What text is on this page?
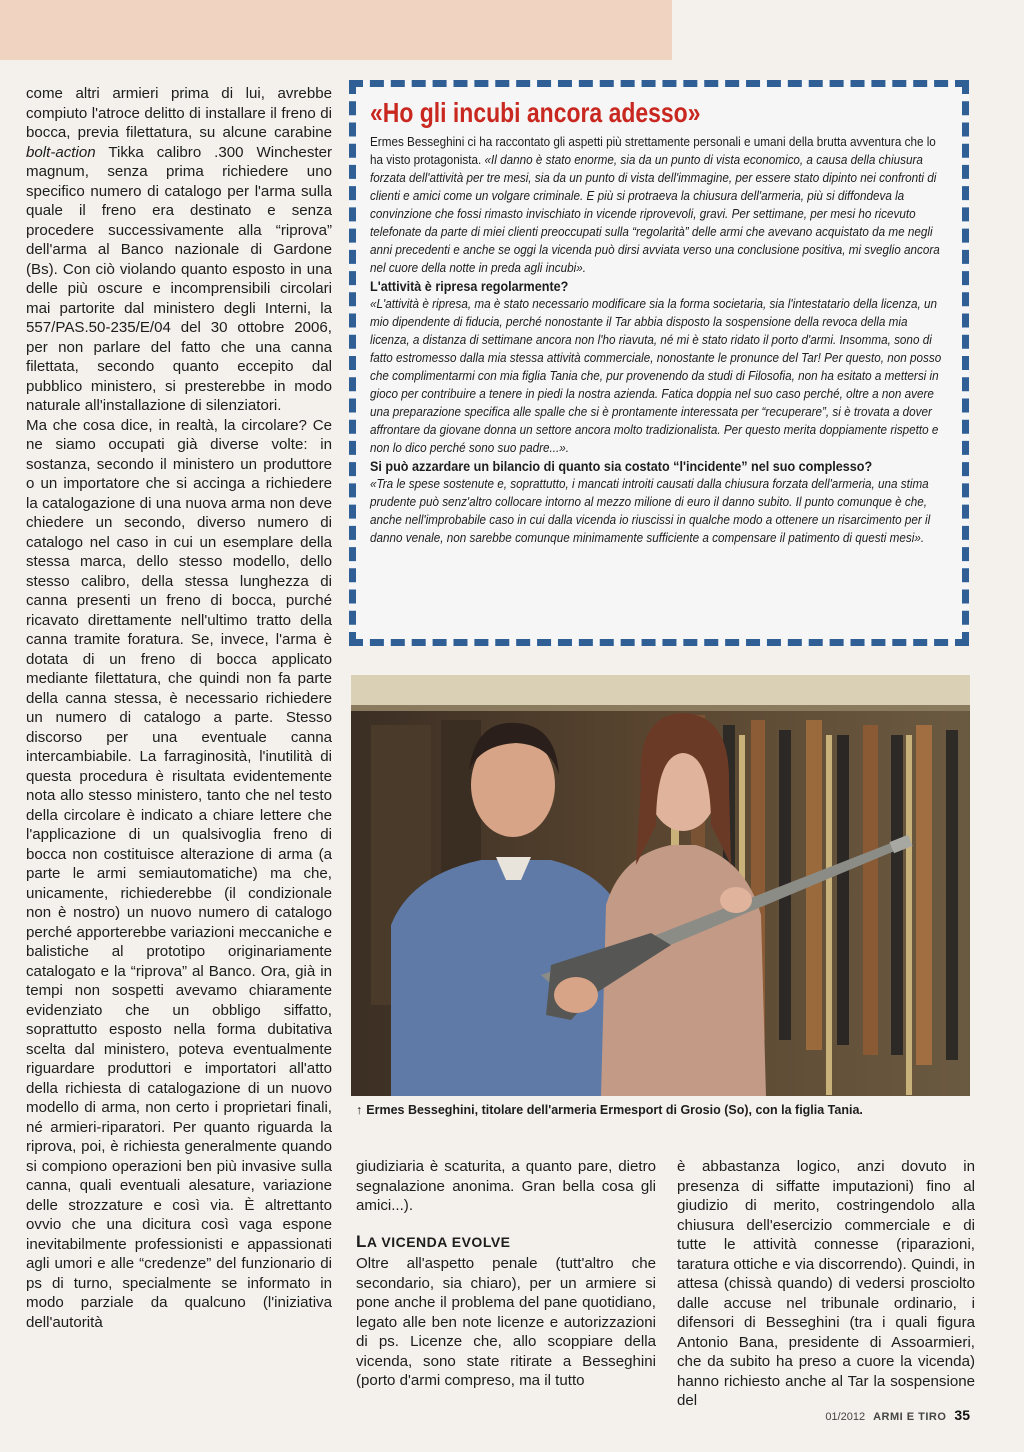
come altri armieri prima di lui, avrebbe compiuto l'atroce delitto di installare il freno di bocca, previa filettatura, su alcune carabine bolt-action Tikka calibro .300 Winchester magnum, senza prima richiedere uno specifico numero di catalogo per l'arma sulla quale il freno era destinato e senza procedere successivamente alla “riprova” dell'arma al Banco nazionale di Gardone (Bs). Con ciò violando quanto esposto in una delle più oscure e incomprensibili circolari mai partorite dal ministero degli Interni, la 557/PAS.50-235/E/04 del 30 ottobre 2006, per non parlare del fatto che una canna filettata, secondo quanto eccepito dal pubblico ministero, si presterebbe in modo naturale all'installazione di silenziatori.

Ma che cosa dice, in realtà, la circolare? Ce ne siamo occupati già diverse volte: in sostanza, secondo il ministero un produttore o un importatore che si accinga a richiedere la catalogazione di una nuova arma non deve chiedere un secondo, diverso numero di catalogo nel caso in cui un esemplare della stessa marca, dello stesso modello, dello stesso calibro, della stessa lunghezza di canna presenti un freno di bocca, purché ricavato direttamente nell'ultimo tratto della canna tramite foratura. Se, invece, l'arma è dotata di un freno di bocca applicato mediante filettatura, che quindi non fa parte della canna stessa, è necessario richiedere un numero di catalogo a parte. Stesso discorso per una eventuale canna intercambiabile. La farraginosità, l'inutilità di questa procedura è risultata evidentemente nota allo stesso ministero, tanto che nel testo della circolare è indicato a chiare lettere che l'applicazione di un qualsivoglia freno di bocca non costituisce alterazione di arma (a parte le armi semiautomatiche) ma che, unicamente, richiederebbe (il condizionale non è nostro) un nuovo numero di catalogo perché apporterebbe variazioni meccaniche e balistiche al prototipo originariamente catalogato e la “riprova” al Banco. Ora, già in tempi non sospetti avevamo chiaramente evidenziato che un obbligo siffatto, soprattutto esposto nella forma dubitativa scelta dal ministero, poteva eventualmente riguardare produttori e importatori all'atto della richiesta di catalogazione di un nuovo modello di arma, non certo i proprietari finali, né armieri-riparatori. Per quanto riguarda la riprova, poi, è richiesta generalmente quando si compiono operazioni ben più invasive sulla canna, quali eventuali alesature, variazione delle strozzature e così via. È altrettanto ovvio che una dicitura così vaga espone inevitabilmente professionisti e appassionati agli umori e alle “credenze” del funzionario di ps di turno, specialmente se informato in modo parziale da qualcuno (l'iniziativa dell'autorità

«Ho gli incubi ancora adesso»

Ermes Besseghini ci ha raccontato gli aspetti più strettamente personali e umani della brutta avventura che lo ha visto protagonista. «Il danno è stato enorme, sia da un punto di vista economico, a causa della chiusura forzata dell'attività per tre mesi, sia da un punto di vista dell'immagine, per essere stato dipinto nei confronti di clienti e amici come un volgare criminale. E più si protraeva la chiusura dell'armeria, più si diffondeva la convinzione che fossi rimasto invischiato in vicende riprovevoli, gravi. Per settimane, per mesi ho ricevuto telefonate da parte di miei clienti preoccupati sulla “regolarità” delle armi che avevano acquistato da me negli anni precedenti e anche se oggi la vicenda può dirsi avviata verso una conclusione positiva, mi sveglio ancora nel cuore della notte in preda agli incubi».

L'attività è ripresa regolarmente?

«L'attività è ripresa, ma è stato necessario modificare sia la forma societaria, sia l'intestatario della licenza, un mio dipendente di fiducia, perché nonostante il Tar abbia disposto la sospensione della revoca della mia licenza, a distanza di settimane ancora non l'ho riavuta, né mi è stato ridato il porto d'armi. Insomma, sono di fatto estromesso dalla mia stessa attività commerciale, nonostante le pronunce del Tar! Per questo, non posso che complimentarmi con mia figlia Tania che, pur provenendo da studi di Filosofia, non ha esitato a mettersi in gioco per contribuire a tenere in piedi la nostra azienda. Fatica doppia nel suo caso perché, oltre a non avere una preparazione specifica alle spalle che si è prontamente interessata per “recuperare”, si è trovata a dover affrontare da giovane donna un settore ancora molto tradizionalista. Per questo merita doppiamente rispetto e non lo dico perché sono suo padre...».

Si può azzardare un bilancio di quanto sia costato “l'incidente” nel suo complesso?

«Tra le spese sostenute e, soprattutto, i mancati introiti causati dalla chiusura forzata dell'armeria, una stima prudente può senz'altro collocare intorno al mezzo milione di euro il danno subito. Il punto comunque è che, anche nell'improbabile caso in cui dalla vicenda io riuscissi in qualche modo a ottenere un risarcimento per il danno venale, non sarebbe comunque minimamente sufficiente a compensare il patimento di questi mesi».

↑ Ermes Besseghini, titolare dell'armeria Ermesport di Grosio (So), con la figlia Tania.

giudiziaria è scaturita, a quanto pare, dietro segnalazione anonima. Gran bella cosa gli amici...).

LA VICENDA EVOLVE

Oltre all'aspetto penale (tutt'altro che secondario, sia chiaro), per un armiere si pone anche il problema del pane quotidiano, legato alle ben note licenze e autorizzazioni di ps. Licenze che, allo scoppiare della vicenda, sono state ritirate a Besseghini (porto d'armi compreso, ma il tutto

è abbastanza logico, anzi dovuto in presenza di siffatte imputazioni) fino al giudizio di merito, costringendolo alla chiusura dell'esercizio commerciale e di tutte le attività connesse (riparazioni, taratura ottiche e via discorrendo). Quindi, in attesa (chissà quando) di vedersi prosciolto dalle accuse nel tribunale ordinario, i difensori di Besseghini (tra i quali figura Antonio Bana, presidente di Assoarmieri, che da subito ha preso a cuore la vicenda) hanno richiesto anche al Tar la sospensione del

01/2012 ARMI E TIRO 35
